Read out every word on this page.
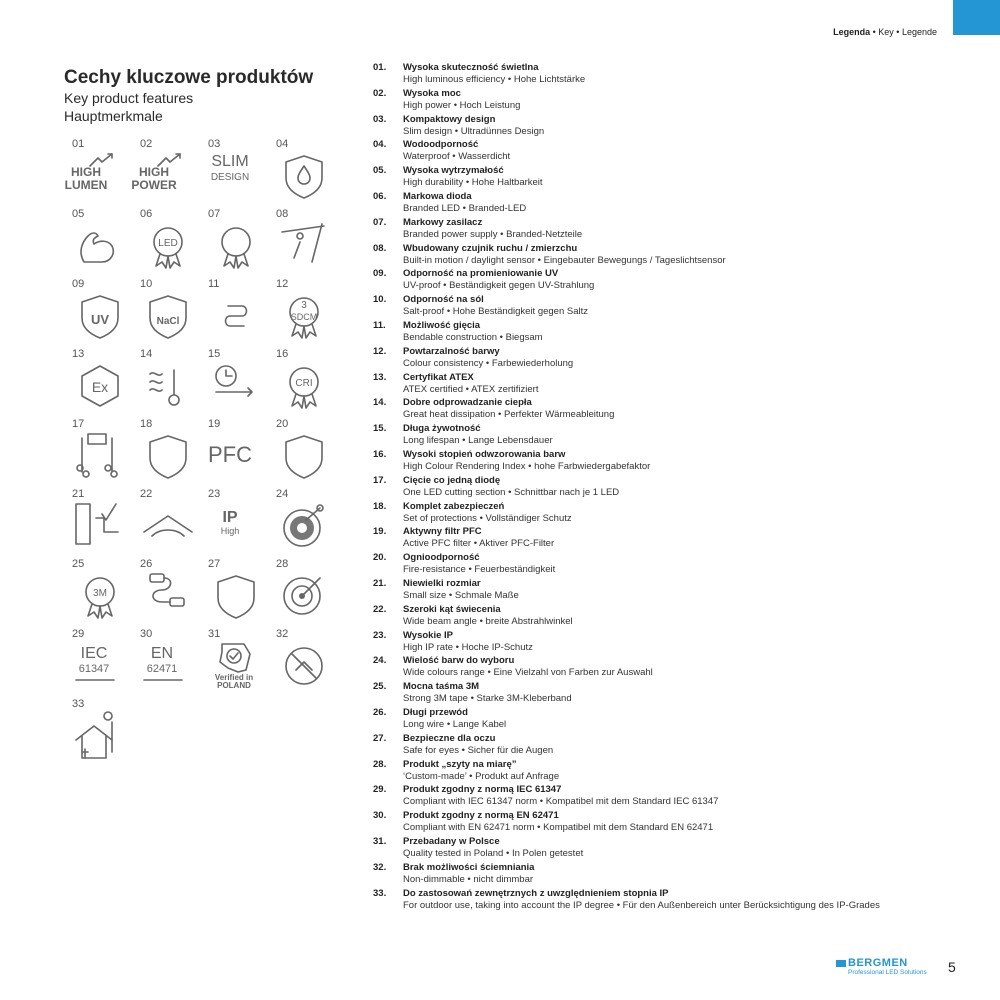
Legenda • Key • Legende
Cechy kluczowe produktów
Key product features
Hauptmerkmale
01
HIGH
LUMEN
02
HIGH
POWER
03
SLIM
DESIGN
04
05	06
LED
07	08
09
UV
10
NaCl
11	12
3
SDCM
13
Ex
14	15	16
CRI
17	18	19
PFC
20
21	22	23
IP
High
24
25
3M
26	27	28
29
IEC
61347
30
EN
62471
31
Verified in
POLAND
32
33
01. Wysoka skuteczność świetlna
High luminous efficiency • Hohe Lichtstärke
02. Wysoka moc
High power • Hoch Leistung
03. Kompaktowy design
Slim design • Ultradünnes Design
04. Wodoodporność
Waterproof • Wasserdicht
05. Wysoka wytrzymałość
High durability • Hohe Haltbarkeit
06. Markowa dioda
Branded LED • Branded-LED
07. Markowy zasilacz
Branded power supply • Branded-Netzteile
08. Wbudowany czujnik ruchu / zmierzchu
Built-in motion / daylight sensor • Eingebauter Bewegungs / Tageslichtsensor
09. Odporność na promieniowanie UV
UV-proof • Beständigkeit gegen UV-Strahlung
10. Odporność na sól
Salt-proof • Hohe Beständigkeit gegen Saltz
11. Możliwość gięcia
Bendable construction • Biegsam
12. Powtarzalność barwy
Colour consistency • Farbewiederholung
13. Certyfikat ATEX
ATEX certified • ATEX zertifiziert
14. Dobre odprowadzanie ciepła
Great heat dissipation • Perfekter Wärmeableitung
15. Długa żywotność
Long lifespan • Lange Lebensdauer
16. Wysoki stopień odwzorowania barw
High Colour Rendering Index • hohe Farbwiedergabefaktor
17. Cięcie co jedną diodę
One LED cutting section • Schnittbar nach je 1 LED
18. Komplet zabezpieczeń
Set of protections • Vollständiger Schutz
19. Aktywny filtr PFC
Active PFC filter • Aktiver PFC-Filter
20. Ognioodporność
Fire-resistance • Feuerbeständigkeit
21. Niewielki rozmiar
Small size • Schmale Maße
22. Szeroki kąt świecenia
Wide beam angle • breite Abstrahlwinkel
23. Wysokie IP
High IP rate • Hoche IP-Schutz
24. Wielość barw do wyboru
Wide colours range • Eine Vielzahl von Farben zur Auswahl
25. Mocna taśma 3M
Strong 3M tape • Starke 3M-Kleberband
26. Długi przewód
Long wire • Lange Kabel
27. Bezpieczne dla oczu
Safe for eyes • Sicher für die Augen
28. Produkt „szyty na miarę”
‘Custom-made’ • Produkt auf Anfrage
29. Produkt zgodny z normą IEC 61347
Compliant with IEC 61347 norm • Kompatibel mit dem Standard IEC 61347
30. Produkt zgodny z normą EN 62471
Compliant with EN 62471 norm • Kompatibel mit dem Standard EN 62471
31. Przebadany w Polsce
Quality tested in Poland • In Polen getestet
32. Brak możliwości ściemniania
Non-dimmable • nicht dimmbar
33. Do zastosowań zewnętrznych z uwzględnieniem stopnia IP
For outdoor use, taking into account the IP degree • Für den Außenbereich unter Berücksichtigung des IP-Grades
BERGMEN
Professional LED Solutions 5
